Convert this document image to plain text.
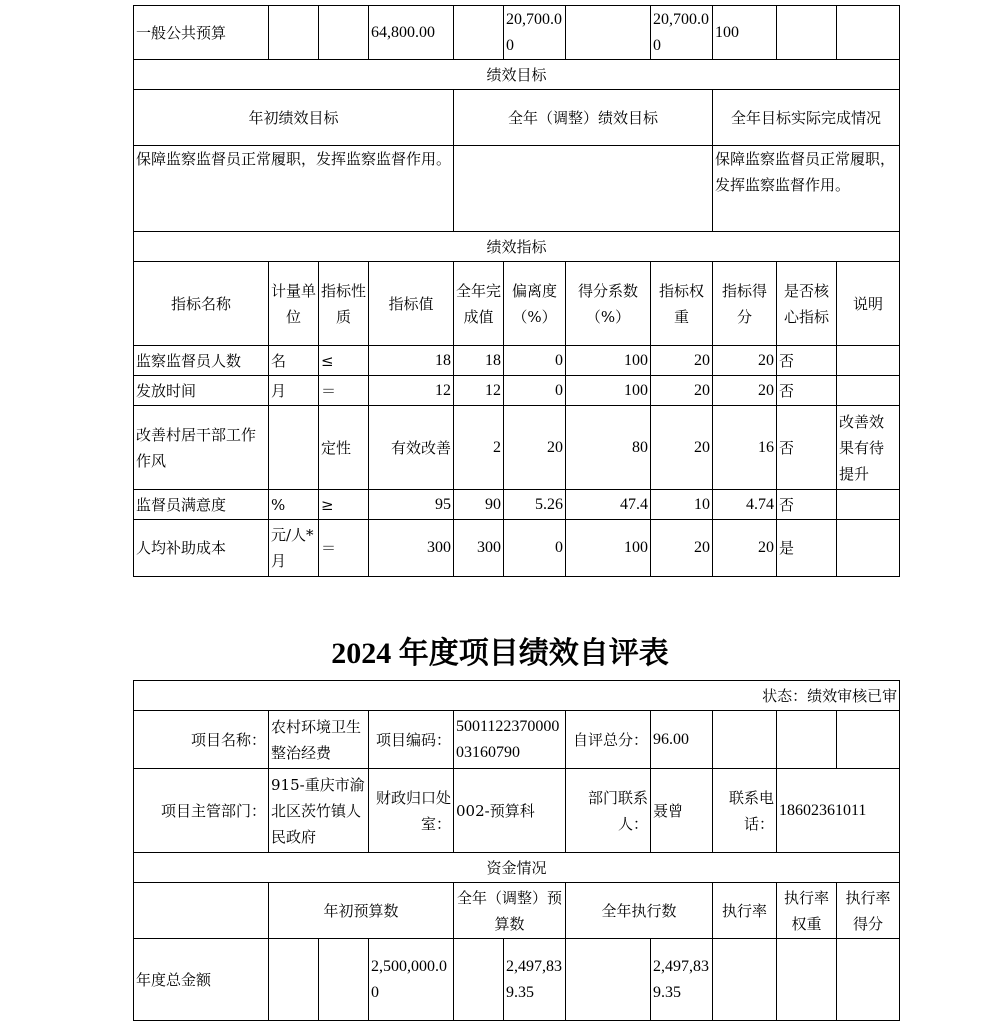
一般公共预算			64,800.00		20,700.00		20,700.00	100		
绩效目标										
年初绩效目标				全年（调整）绩效目标				全年目标实际完成情况		
保障监察监督员正常履职，发挥监察监督作用。								保障监察监督员正常履职，发挥监察监督作用。		
绩效指标										
指标名称	计量单位	指标性质	指标值	全年完成值	偏离度（%）	得分系数（%）	指标权重	指标得分	是否核心指标	说明
监察监督员人数	名	≤	18	18	0	100	20	20	否	
发放时间	月	＝	12	12	0	100	20	20	否	
改善村居干部工作作风		定性	有效改善	2	20	80	20	16	否	改善效果有待提升
监督员满意度	%	≥	95	90	5.26	47.4	10	4.74	否	
人均补助成本	元/人*月	＝	300	300	0	100	20	20	是	
2024 年度项目绩效自评表
状态：绩效审核已审										
项目名称：	农村环境卫生整治经费		项目编码：	500112237000003160790		自评总分：	96.00			
项目主管部门：	915-重庆市渝北区茨竹镇人民政府		财政归口处室：	002-预算科		部门联系人：	聂曾	联系电话：	18602361011	
资金情况										
	年初预算数			全年（调整）预算数		全年执行数		执行率	执行率权重	执行率得分
年度总金额			2,500,000.00		2,497,839.35		2,497,839.35			
